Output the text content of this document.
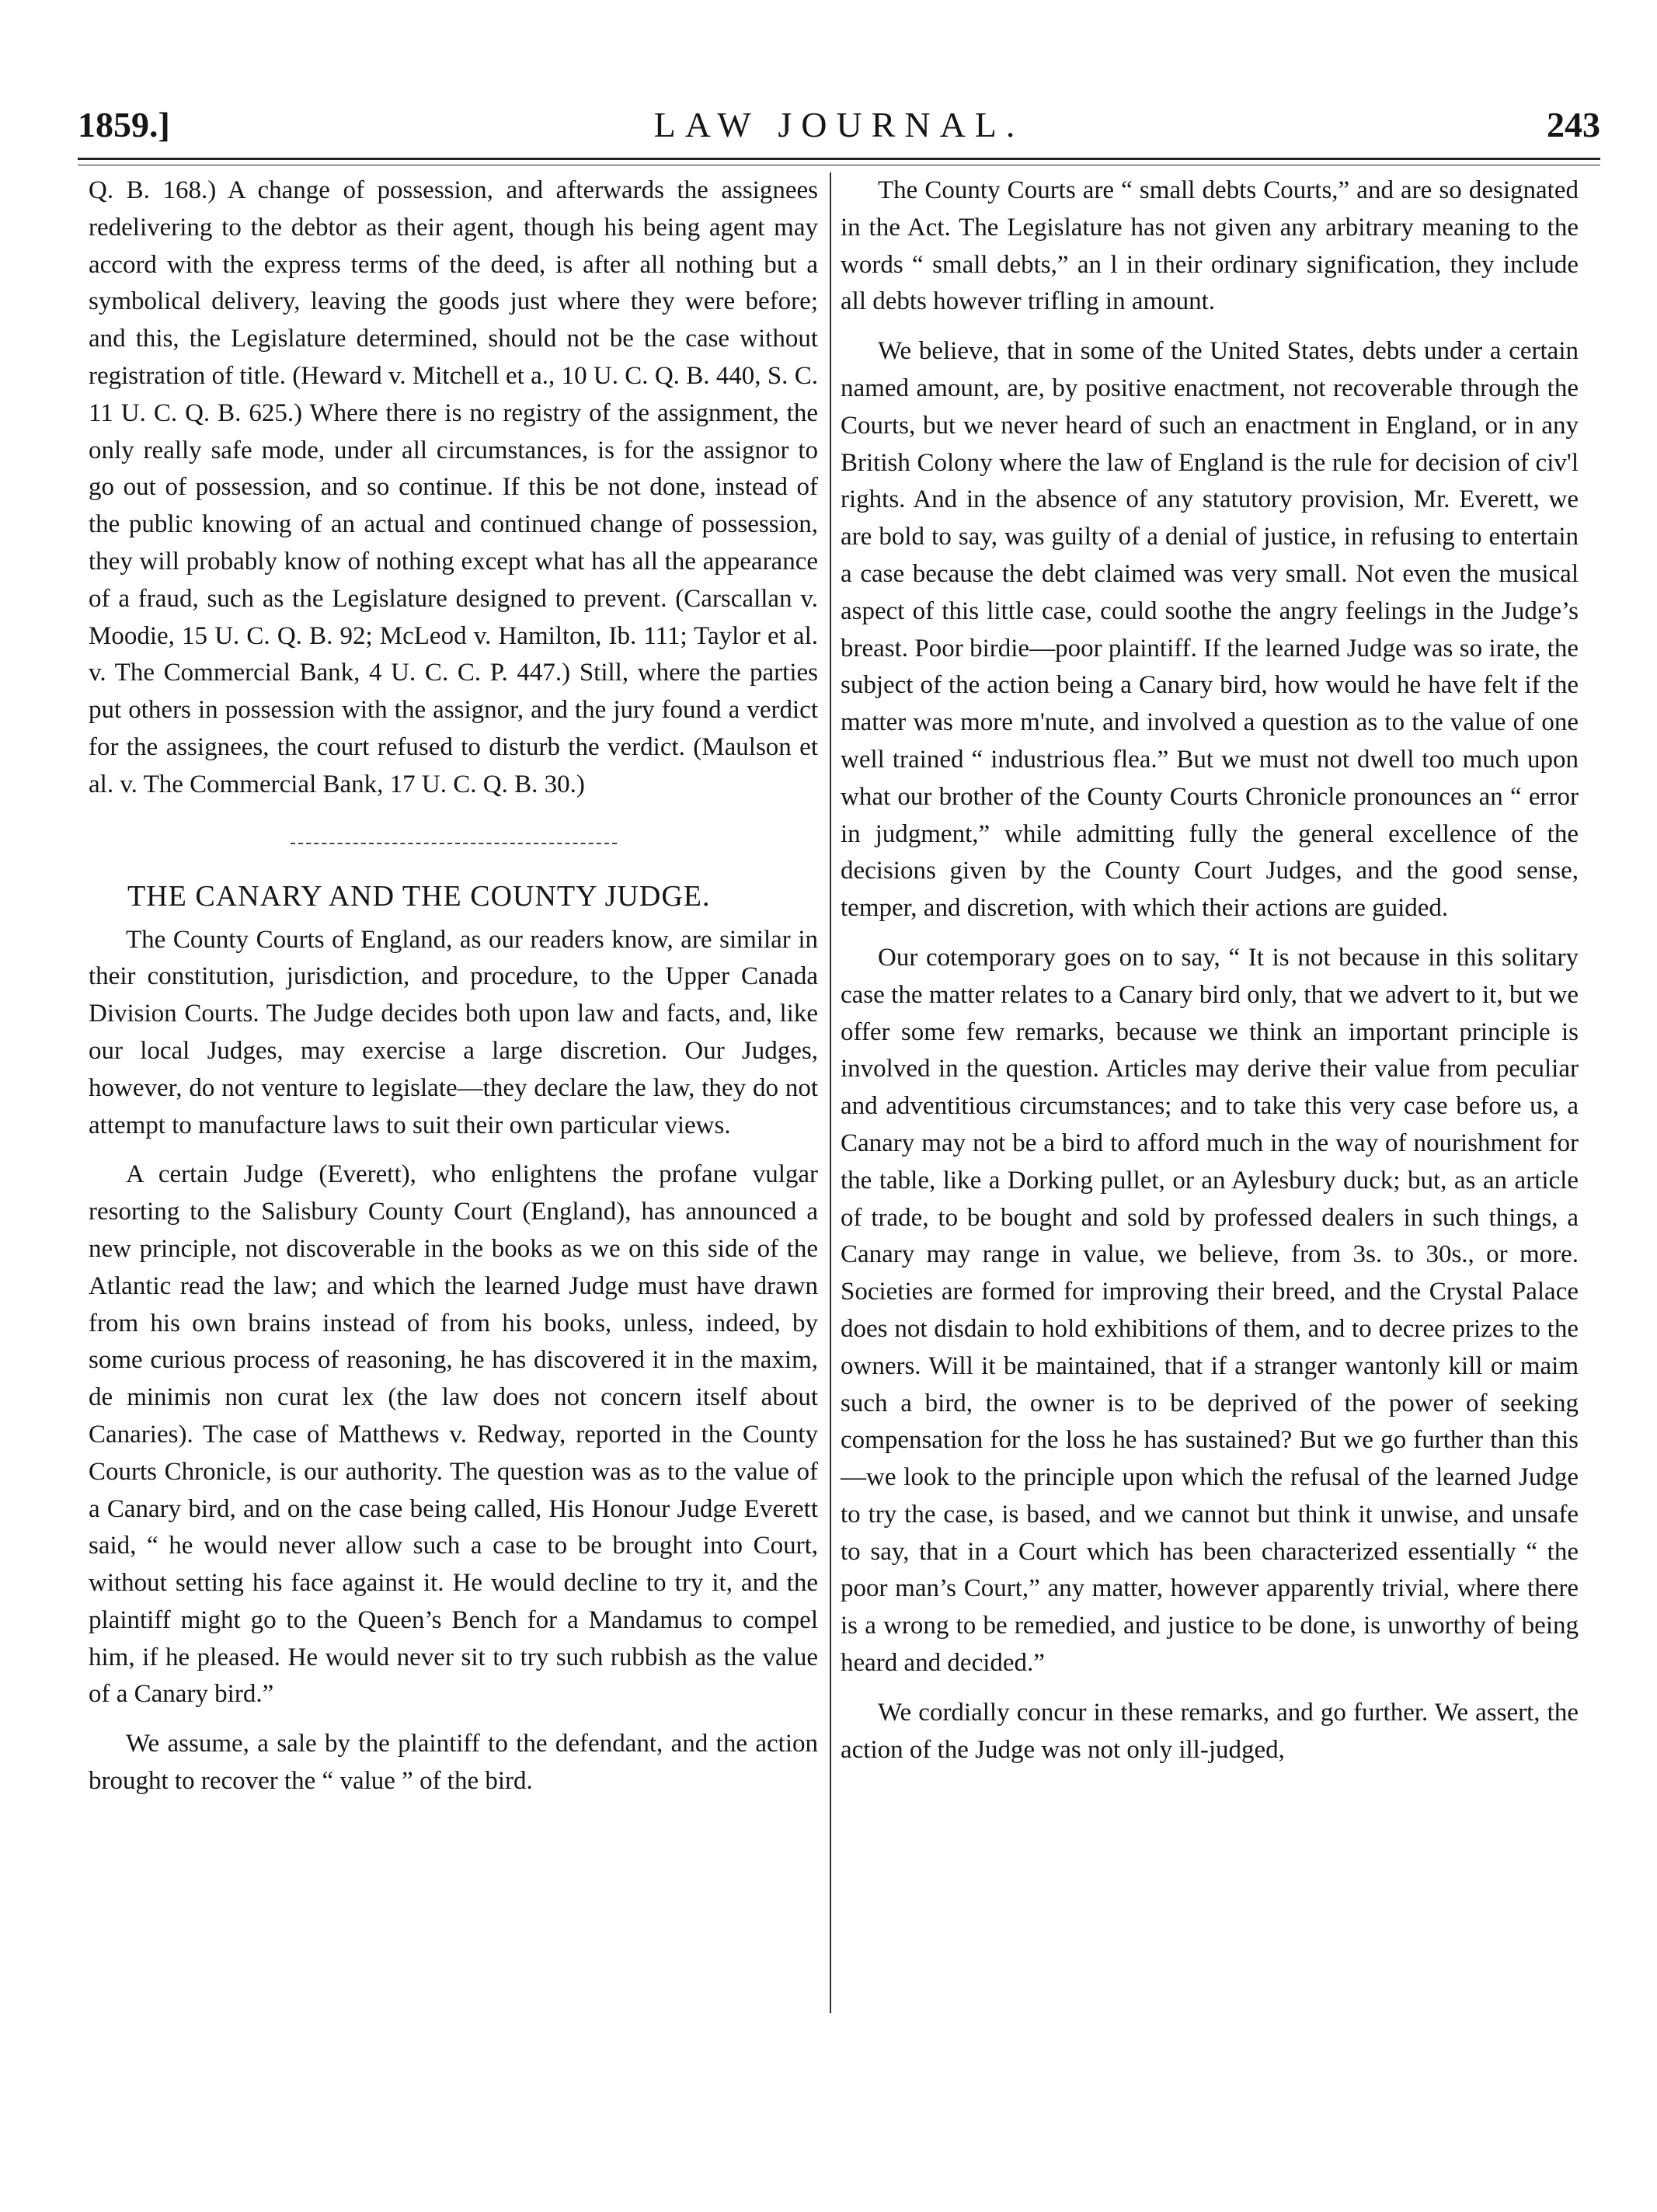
1859.]	LAW JOURNAL.	243

Q. B. 168.) A change of possession, and afterwards the assignees redelivering to the debtor as their agent, though his being agent may accord with the express terms of the deed, is after all nothing but a symbolical delivery, leaving the goods just where they were before; and this, the Legislature determined, should not be the case without registration of title. (Heward v. Mitchell et a., 10 U. C. Q. B. 440, S. C. 11 U. C. Q. B. 625.) Where there is no registry of the assignment, the only really safe mode, under all circumstances, is for the assignor to go out of possession, and so continue. If this be not done, instead of the public knowing of an actual and continued change of possession, they will probably know of nothing except what has all the appearance of a fraud, such as the Legislature designed to prevent. (Carscallan v. Moodie, 15 U. C. Q. B. 92; McLeod v. Hamilton, Ib. 111; Taylor et al. v. The Commercial Bank, 4 U. C. C. P. 447.) Still, where the parties put others in possession with the assignor, and the jury found a verdict for the assignees, the court refused to disturb the verdict. (Maulson et al. v. The Commercial Bank, 17 U. C. Q. B. 30.)

THE CANARY AND THE COUNTY JUDGE.

The County Courts of England, as our readers know, are similar in their constitution, jurisdiction, and procedure, to the Upper Canada Division Courts. The Judge decides both upon law and facts, and, like our local Judges, may exercise a large discretion. Our Judges, however, do not venture to legislate—they declare the law, they do not attempt to manufacture laws to suit their own particular views.

A certain Judge (Everett), who enlightens the profane vulgar resorting to the Salisbury County Court (England), has announced a new principle, not discoverable in the books as we on this side of the Atlantic read the law; and which the learned Judge must have drawn from his own brains instead of from his books, unless, indeed, by some curious process of reasoning, he has discovered it in the maxim, de minimis non curat lex (the law does not concern itself about Canaries). The case of Matthews v. Redway, reported in the County Courts Chronicle, is our authority. The question was as to the value of a Canary bird, and on the case being called, His Honour Judge Everett said, “ he would never allow such a case to be brought into Court, without setting his face against it. He would decline to try it, and the plaintiff might go to the Queen’s Bench for a Mandamus to compel him, if he pleased. He would never sit to try such rubbish as the value of a Canary bird.”

We assume, a sale by the plaintiff to the defendant, and the action brought to recover the “ value ” of the bird.

The County Courts are “ small debts Courts,” and are so designated in the Act. The Legislature has not given any arbitrary meaning to the words “ small debts,” an l in their ordinary signification, they include all debts however trifling in amount.

We believe, that in some of the United States, debts under a certain named amount, are, by positive enactment, not recoverable through the Courts, but we never heard of such an enactment in England, or in any British Colony where the law of England is the rule for decision of civ'l rights. And in the absence of any statutory provision, Mr. Everett, we are bold to say, was guilty of a denial of justice, in refusing to entertain a case because the debt claimed was very small. Not even the musical aspect of this little case, could soothe the angry feelings in the Judge’s breast. Poor birdie—poor plaintiff. If the learned Judge was so irate, the subject of the action being a Canary bird, how would he have felt if the matter was more m'nute, and involved a question as to the value of one well trained “ industrious flea.” But we must not dwell too much upon what our brother of the County Courts Chronicle pronounces an “ error in judgment,” while admitting fully the general excellence of the decisions given by the County Court Judges, and the good sense, temper, and discretion, with which their actions are guided.

Our cotemporary goes on to say, “ It is not because in this solitary case the matter relates to a Canary bird only, that we advert to it, but we offer some few remarks, because we think an important principle is involved in the question. Articles may derive their value from peculiar and adventitious circumstances; and to take this very case before us, a Canary may not be a bird to afford much in the way of nourishment for the table, like a Dorking pullet, or an Aylesbury duck; but, as an article of trade, to be bought and sold by professed dealers in such things, a Canary may range in value, we believe, from 3s. to 30s., or more. Societies are formed for improving their breed, and the Crystal Palace does not disdain to hold exhibitions of them, and to decree prizes to the owners. Will it be maintained, that if a stranger wantonly kill or maim such a bird, the owner is to be deprived of the power of seeking compensation for the loss he has sustained? But we go further than this—we look to the principle upon which the refusal of the learned Judge to try the case, is based, and we cannot but think it unwise, and unsafe to say, that in a Court which has been characterized essentially “ the poor man’s Court,” any matter, however apparently trivial, where there is a wrong to be remedied, and justice to be done, is unworthy of being heard and decided.”

We cordially concur in these remarks, and go further. We assert, the action of the Judge was not only ill-judged,
